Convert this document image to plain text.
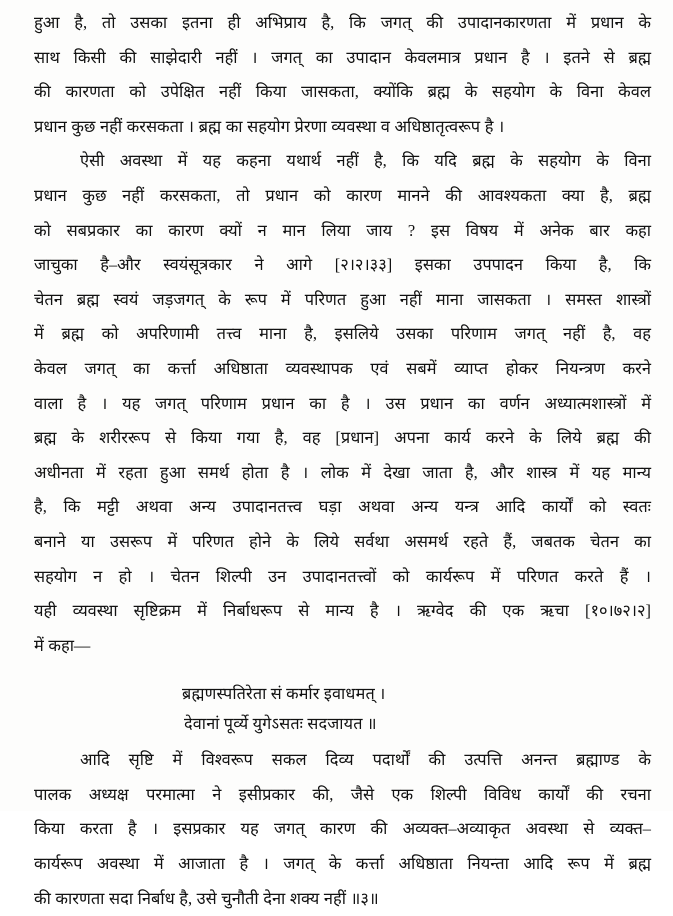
हुआ है, तो उसका इतना ही अभिप्राय है, कि जगत् की उपादानकारणता में प्रधान के
साथ किसी की साझेदारी नहीं । जगत् का उपादान केवलमात्र प्रधान है । इतने से ब्रह्म
की कारणता को उपेक्षित नहीं किया जासकता, क्योंकि ब्रह्म के सहयोग के विना केवल
प्रधान कुछ नहीं करसकता । ब्रह्म का सहयोग प्रेरणा व्यवस्था व अधिष्ठातृत्वरूप है ।

ऐसी अवस्था में यह कहना यथार्थ नहीं है, कि यदि ब्रह्म के सहयोग के विना
प्रधान कुछ नहीं करसकता, तो प्रधान को कारण मानने की आवश्यकता क्या है, ब्रह्म
को सबप्रकार का कारण क्यों न मान लिया जाय ? इस विषय में अनेक बार कहा
जाचुका है–और स्वयंसूत्रकार ने आगे [२।२।३३] इसका उपपादन किया है, कि
चेतन ब्रह्म स्वयं जड़जगत् के रूप में परिणत हुआ नहीं माना जासकता । समस्त शास्त्रों
में ब्रह्म को अपरिणामी तत्त्व माना है, इसलिये उसका परिणाम जगत् नहीं है, वह
केवल जगत् का कर्त्ता अधिष्ठाता व्यवस्थापक एवं सबमें व्याप्त होकर नियन्त्रण करने
वाला है । यह जगत् परिणाम प्रधान का है । उस प्रधान का वर्णन अध्यात्मशास्त्रों में
ब्रह्म के शरीररूप से किया गया है, वह [प्रधान] अपना कार्य करने के लिये ब्रह्म की
अधीनता में रहता हुआ समर्थ होता है । लोक में देखा जाता है, और शास्त्र में यह मान्य
है, कि मट्टी अथवा अन्य उपादानतत्त्व घड़ा अथवा अन्य यन्त्र आदि कार्यों को स्वतः
बनाने या उसरूप में परिणत होने के लिये सर्वथा असमर्थ रहते हैं, जबतक चेतन का
सहयोग न हो । चेतन शिल्पी उन उपादानतत्त्वों को कार्यरूप में परिणत करते हैं ।
यही व्यवस्था सृष्टिक्रम में निर्बाधरूप से मान्य है । ऋग्वेद की एक ऋचा [१०।७२।२]
में कहा—

ब्रह्मणस्पतिरेता सं कर्मार इवाधमत् ।
देवानां पूर्व्ये युगेऽसतः सदजायत ॥

आदि सृष्टि में विश्वरूप सकल दिव्य पदार्थों की उत्पत्ति अनन्त ब्रह्माण्ड के
पालक अध्यक्ष परमात्मा ने इसीप्रकार की, जैसे एक शिल्पी विविध कार्यों की रचना
किया करता है । इसप्रकार यह जगत् कारण की अव्यक्त–अव्याकृत अवस्था से व्यक्त–
कार्यरूप अवस्था में आजाता है । जगत् के कर्त्ता अधिष्ठाता नियन्ता आदि रूप में ब्रह्म
की कारणता सदा निर्बाध है, उसे चुनौती देना शक्य नहीं ॥३॥
